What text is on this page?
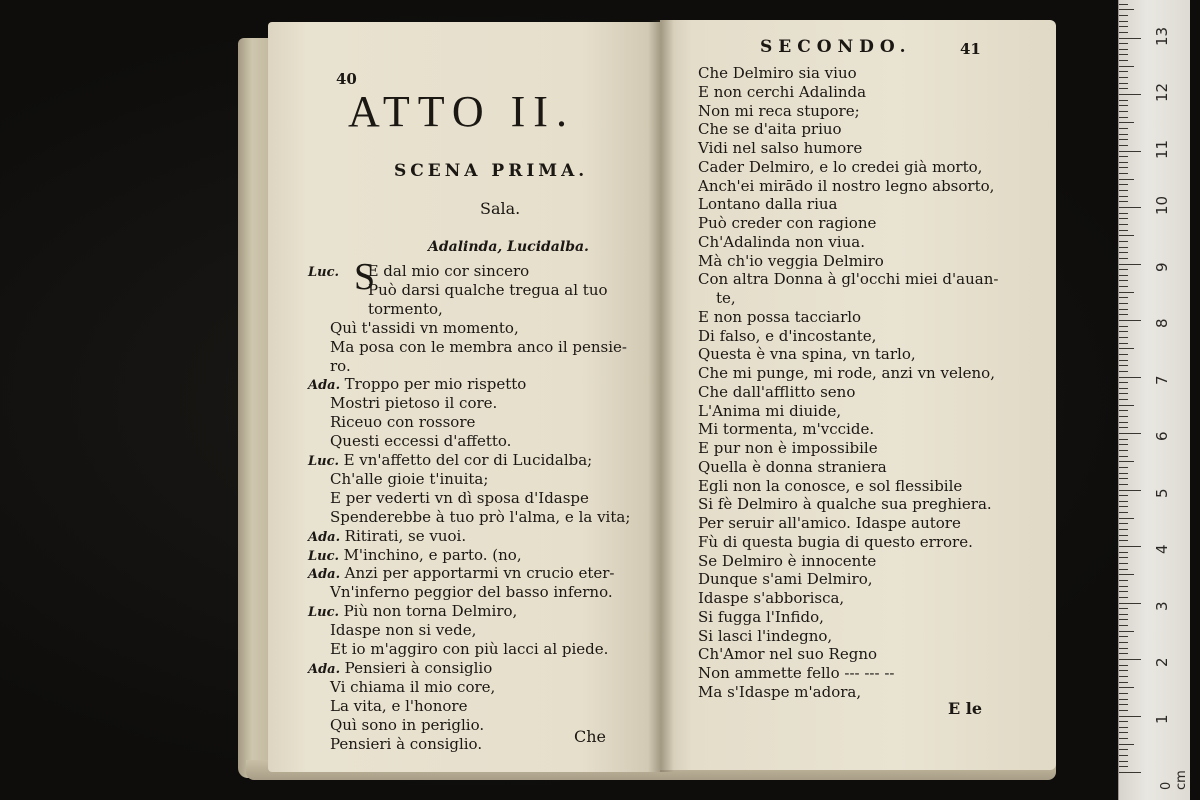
40
ATTO II.
SCENA PRIMA.
Sala.
Adalinda, Lucidalba.
S
Luc. E dal mio cor sincero
Può darsi qualche tregua al tuo
tormento,
Quì t'assidi vn momento,
Ma posa con le membra anco il pensie-
ro.
Ada. Troppo per mio rispetto
Mostri pietoso il core.
Riceuo con rossore
Questi eccessi d'affetto.
Luc. E vn'affetto del cor di Lucidalba;
Ch'alle gioie t'inuita;
E per vederti vn dì sposa d'Idaspe
Spenderebbe à tuo prò l'alma, e la vita;
Ada. Ritirati, se vuoi.
Luc. M'inchino, e parto. (no,
Ada. Anzi per apportarmi vn crucio eter-
Vn'inferno peggior del basso inferno.
Luc. Più non torna Delmiro,
Idaspe non si vede,
Et io m'aggiro con più lacci al piede.
Ada. Pensieri à consiglio
Vi chiama il mio core,
La vita, e l'honore
Quì sono in periglio.
Pensieri à consiglio.	Che
SECONDO.	41
Che Delmiro sia viuo
E non cerchi Adalinda
Non mi reca stupore;
Che se d'aita priuo
Vidi nel salso humore
Cader Delmiro, e lo credei già morto,
Anch'ei mirādo il nostro legno absorto,
Lontano dalla riua
Può creder con ragione
Ch'Adalinda non viua.
Mà ch'io veggia Delmiro
Con altra Donna à gl'occhi miei d'auan-
te,
E non possa tacciarlo
Di falso, e d'incostante,
Questa è vna spina, vn tarlo,
Che mi punge, mi rode, anzi vn veleno,
Che dall'afflitto seno
L'Anima mi diuide,
Mi tormenta, m'vccide.
E pur non è impossibile
Quella è donna straniera
Egli non la conosce, e sol flessibile
Si fè Delmiro à qualche sua preghiera.
Per seruir all'amico. Idaspe autore
Fù di questa bugia di questo errore.
Se Delmiro è innocente
Dunque s'ami Delmiro,
Idaspe s'abborisca,
Si fugga l'Infido,
Si lasci l'indegno,
Ch'Amor nel suo Regno
Non ammette fello --- --- --
Ma s'Idaspe m'adora,
E le
0 cm
1
2
3
4
5
6
7
8
9
10
11
12
13
